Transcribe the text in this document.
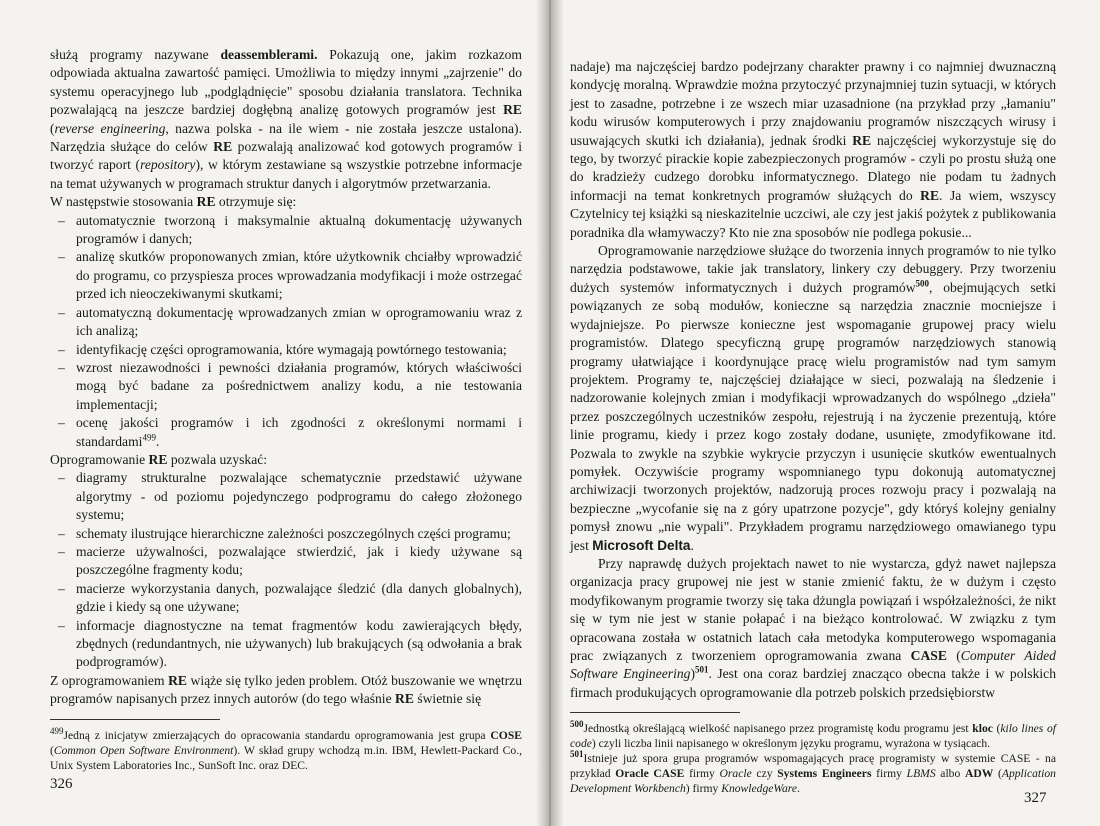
służą programy nazywane deassemblerami. Pokazują one, jakim rozkazom odpowiada aktualna zawartość pamięci. Umożliwia to między innymi „zajrzenie" do systemu operacyjnego lub „podglądnięcie" sposobu działania translatora. Technika pozwalającą na jeszcze bardziej dogłębną analizę gotowych programów jest RE (reverse engineering, nazwa polska - na ile wiem - nie została jeszcze ustalona). Narzędzia służące do celów RE pozwalają analizować kod gotowych programów i tworzyć raport (repository), w którym zestawiane są wszystkie potrzebne informacje na temat używanych w programach struktur danych i algorytmów przetwarzania.

W następstwie stosowania RE otrzymuje się:

– automatycznie tworzoną i maksymalnie aktualną dokumentację używanych programów i danych;
– analizę skutków proponowanych zmian, które użytkownik chciałby wprowadzić do programu, co przyspiesza proces wprowadzania modyfikacji i może ostrzegać przed ich nieoczekiwanymi skutkami;
– automatyczną dokumentację wprowadzanych zmian w oprogramowaniu wraz z ich analizą;
– identyfikację części oprogramowania, które wymagają powtórnego testowania;
– wzrost niezawodności i pewności działania programów, których właściwości mogą być badane za pośrednictwem analizy kodu, a nie testowania implementacji;
– ocenę jakości programów i ich zgodności z określonymi normami i standardami$^{499}$.

Oprogramowanie RE pozwala uzyskać:

– diagramy strukturalne pozwalające schematycznie przedstawić używane algorytmy - od poziomu pojedynczego podprogramu do całego złożonego systemu;
– schematy ilustrujące hierarchiczne zależności poszczególnych części programu;
– macierze używalności, pozwalające stwierdzić, jak i kiedy używane są poszczególne fragmenty kodu;
– macierze wykorzystania danych, pozwalające śledzić (dla danych globalnych), gdzie i kiedy są one używane;
– informacje diagnostyczne na temat fragmentów kodu zawierających błędy, zbędnych (redundantnych, nie używanych) lub brakujących (są odwołania a brak podprogramów).

Z oprogramowaniem RE wiąże się tylko jeden problem. Otóż buszowanie we wnętrzu programów napisanych przez innych autorów (do tego właśnie RE świetnie się

$^{499}$Jedną z inicjatyw zmierzających do opracowania standardu oprogramowania jest grupa COSE (Common Open Software Environment). W skład grupy wchodzą m.in. IBM, Hewlett-Packard Co., Unix System Laboratories Inc., SunSoft Inc. oraz DEC.

326

nadaje) ma najczęściej bardzo podejrzany charakter prawny i co najmniej dwuznaczną kondycję moralną. Wprawdzie można przytoczyć przynajmniej tuzin sytuacji, w których jest to zasadne, potrzebne i ze wszech miar uzasadnione (na przykład przy „łamaniu" kodu wirusów komputerowych i przy znajdowaniu programów niszczących wirusy i usuwających skutki ich działania), jednak środki RE najczęściej wykorzystuje się do tego, by tworzyć pirackie kopie zabezpieczonych programów - czyli po prostu służą one do kradzieży cudzego dorobku informatycznego. Dlatego nie podam tu żadnych informacji na temat konkretnych programów służących do RE. Ja wiem, wszyscy Czytelnicy tej książki są nieskazitelnie uczciwi, ale czy jest jakiś pożytek z publikowania poradnika dla włamywaczy? Kto nie zna sposobów nie podlega pokusie...

Oprogramowanie narzędziowe służące do tworzenia innych programów to nie tylko narzędzia podstawowe, takie jak translatory, linkery czy debuggery. Przy tworzeniu dużych systemów informatycznych i dużych programów$^{500}$, obejmujących setki powiązanych ze sobą modułów, konieczne są narzędzia znacznie mocniejsze i wydajniejsze. Po pierwsze konieczne jest wspomaganie grupowej pracy wielu programistów. Dlatego specyficzną grupę programów narzędziowych stanowią programy ułatwiające i koordynujące pracę wielu programistów nad tym samym projektem. Programy te, najczęściej działające w sieci, pozwalają na śledzenie i nadzorowanie kolejnych zmian i modyfikacji wprowadzanych do wspólnego „dzieła" przez poszczególnych uczestników zespołu, rejestrują i na życzenie prezentują, które linie programu, kiedy i przez kogo zostały dodane, usunięte, zmodyfikowane itd. Pozwala to zwykle na szybkie wykrycie przyczyn i usunięcie skutków ewentualnych pomyłek. Oczywiście programy wspomnianego typu dokonują automatycznej archiwizacji tworzonych projektów, nadzorują proces rozwoju pracy i pozwalają na bezpieczne „wycofanie się na z góry upatrzone pozycje", gdy któryś kolejny genialny pomysł znowu „nie wypali". Przykładem programu narzędziowego omawianego typu jest Microsoft Delta.

Przy naprawdę dużych projektach nawet to nie wystarcza, gdyż nawet najlepsza organizacja pracy grupowej nie jest w stanie zmienić faktu, że w dużym i często modyfikowanym programie tworzy się taka dżungla powiązań i współzależności, że nikt się w tym nie jest w stanie połapać i na bieżąco kontrolować. W związku z tym opracowana została w ostatnich latach cała metodyka komputerowego wspomagania prac związanych z tworzeniem oprogramowania zwana CASE (Computer Aided Software Engineering)$^{501}$. Jest ona coraz bardziej znacząco obecna także i w polskich firmach produkujących oprogramowanie dla potrzeb polskich przedsiębiorstw

$^{500}$Jednostką określającą wielkość napisanego przez programistę kodu programu jest kloc (kilo lines of code) czyli liczba linii napisanego w określonym języku programu, wyrażona w tysiącach.

$^{501}$Istnieje już spora grupa programów wspomagających pracę programisty w systemie CASE - na przykład Oracle CASE firmy Oracle czy Systems Engineers firmy LBMS albo ADW (Application Development Workbench) firmy KnowledgeWare.

327
